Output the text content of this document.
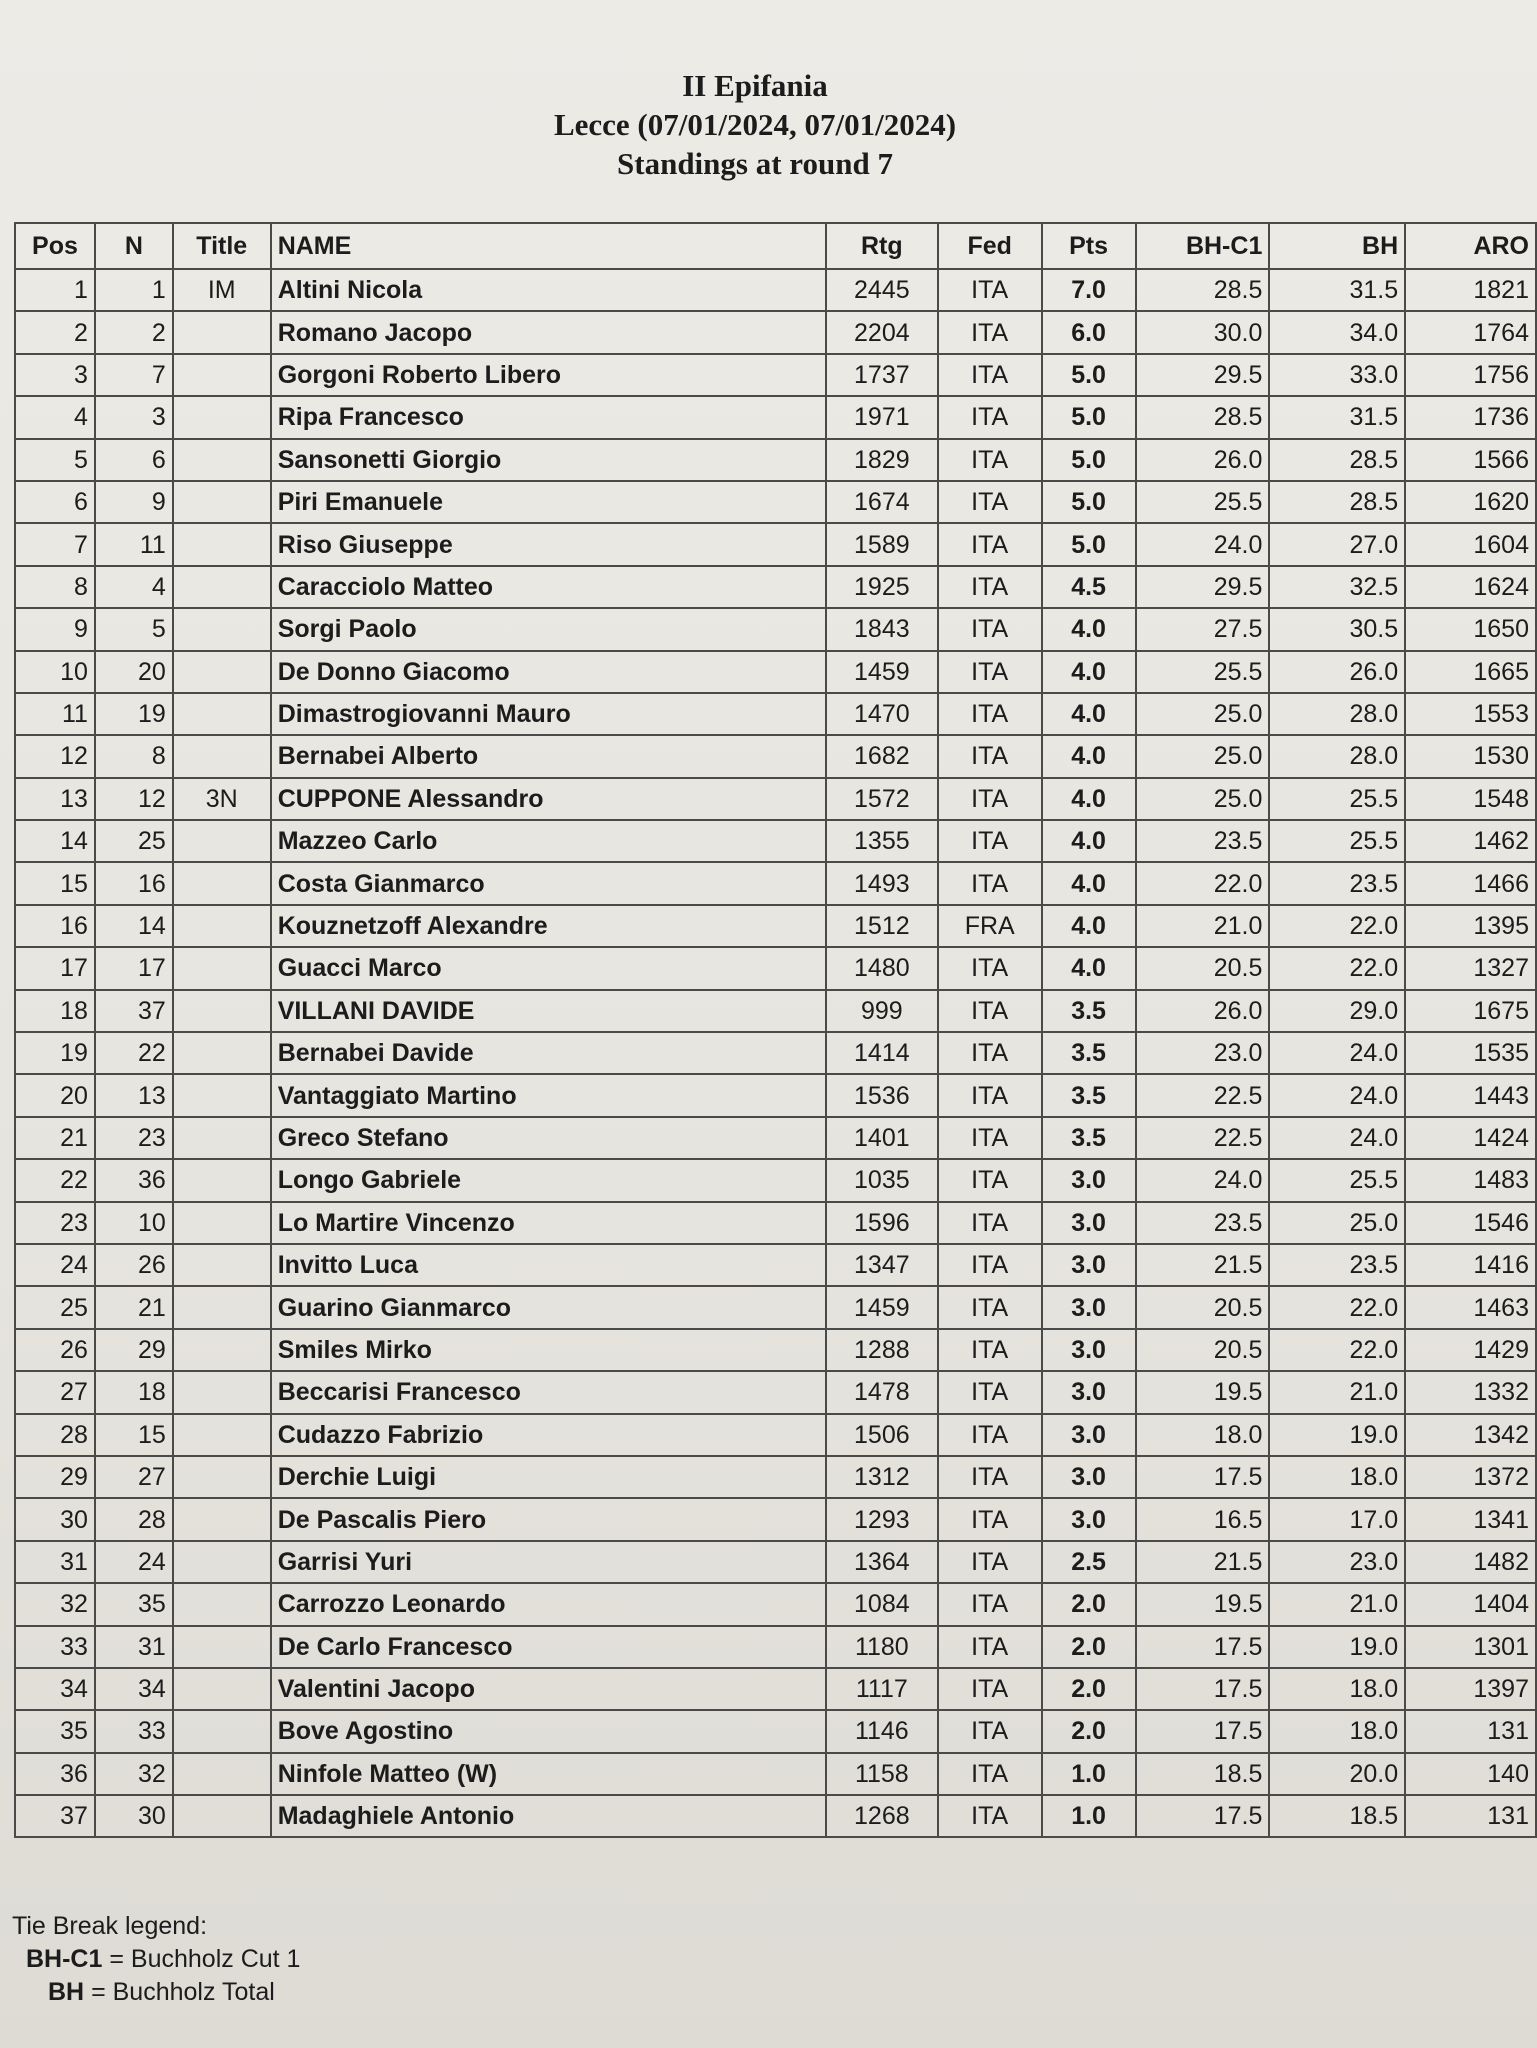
II Epifania
Lecce (07/01/2024, 07/01/2024)
Standings at round 7
Pos	N	Title	NAME	Rtg	Fed	Pts	BH-C1	BH	ARO
1	1	IM	Altini Nicola	2445	ITA	7.0	28.5	31.5	1821
2	2		Romano Jacopo	2204	ITA	6.0	30.0	34.0	1764
3	7		Gorgoni Roberto Libero	1737	ITA	5.0	29.5	33.0	1756
4	3		Ripa Francesco	1971	ITA	5.0	28.5	31.5	1736
5	6		Sansonetti Giorgio	1829	ITA	5.0	26.0	28.5	1566
6	9		Piri Emanuele	1674	ITA	5.0	25.5	28.5	1620
7	11		Riso Giuseppe	1589	ITA	5.0	24.0	27.0	1604
8	4		Caracciolo Matteo	1925	ITA	4.5	29.5	32.5	1624
9	5		Sorgi Paolo	1843	ITA	4.0	27.5	30.5	1650
10	20		De Donno Giacomo	1459	ITA	4.0	25.5	26.0	1665
11	19		Dimastrogiovanni Mauro	1470	ITA	4.0	25.0	28.0	1553
12	8		Bernabei Alberto	1682	ITA	4.0	25.0	28.0	1530
13	12	3N	CUPPONE Alessandro	1572	ITA	4.0	25.0	25.5	1548
14	25		Mazzeo Carlo	1355	ITA	4.0	23.5	25.5	1462
15	16		Costa Gianmarco	1493	ITA	4.0	22.0	23.5	1466
16	14		Kouznetzoff Alexandre	1512	FRA	4.0	21.0	22.0	1395
17	17		Guacci Marco	1480	ITA	4.0	20.5	22.0	1327
18	37		VILLANI DAVIDE	999	ITA	3.5	26.0	29.0	1675
19	22		Bernabei Davide	1414	ITA	3.5	23.0	24.0	1535
20	13		Vantaggiato Martino	1536	ITA	3.5	22.5	24.0	1443
21	23		Greco Stefano	1401	ITA	3.5	22.5	24.0	1424
22	36		Longo Gabriele	1035	ITA	3.0	24.0	25.5	1483
23	10		Lo Martire Vincenzo	1596	ITA	3.0	23.5	25.0	1546
24	26		Invitto Luca	1347	ITA	3.0	21.5	23.5	1416
25	21		Guarino Gianmarco	1459	ITA	3.0	20.5	22.0	1463
26	29		Smiles Mirko	1288	ITA	3.0	20.5	22.0	1429
27	18		Beccarisi Francesco	1478	ITA	3.0	19.5	21.0	1332
28	15		Cudazzo Fabrizio	1506	ITA	3.0	18.0	19.0	1342
29	27		Derchie Luigi	1312	ITA	3.0	17.5	18.0	1372
30	28		De Pascalis Piero	1293	ITA	3.0	16.5	17.0	1341
31	24		Garrisi Yuri	1364	ITA	2.5	21.5	23.0	1482
32	35		Carrozzo Leonardo	1084	ITA	2.0	19.5	21.0	1404
33	31		De Carlo Francesco	1180	ITA	2.0	17.5	19.0	1301
34	34		Valentini Jacopo	1117	ITA	2.0	17.5	18.0	1397
35	33		Bove Agostino	1146	ITA	2.0	17.5	18.0	131
36	32		Ninfole Matteo (W)	1158	ITA	1.0	18.5	20.0	140
37	30		Madaghiele Antonio	1268	ITA	1.0	17.5	18.5	131
Tie Break legend:
BH-C1 = Buchholz Cut 1
BH = Buchholz Total
